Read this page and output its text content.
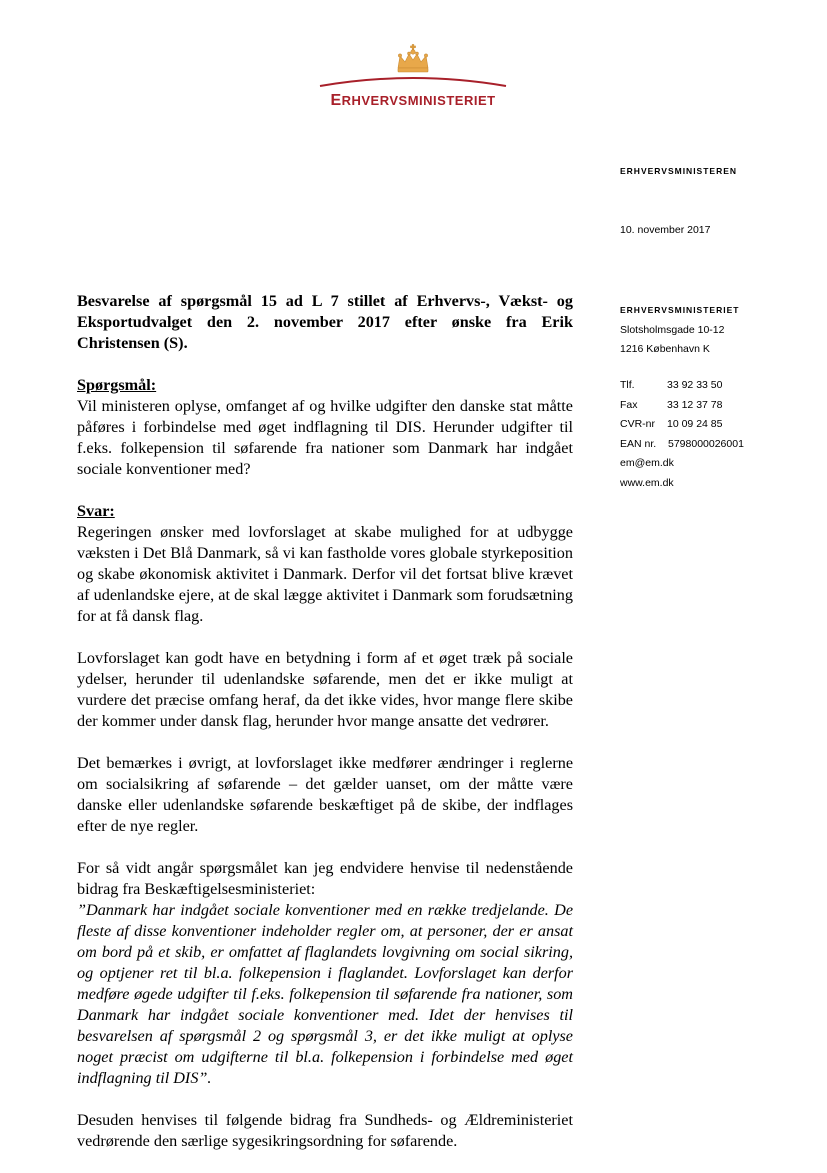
ERHVERVSMINISTERIET
ERHVERVSMINISTEREN
10. november 2017
ERHVERVSMINISTERIET
Slotsholmsgade 10-12
1216 København K
Tlf.	33 92 33 50
Fax	33 12 37 78
CVR-nr 10 09 24 85
EAN nr. 5798000026001
em@em.dk
www.em.dk

Besvarelse af spørgsmål 15 ad L 7 stillet af Erhvervs-, Vækst- og Eksportudvalget den 2. november 2017 efter ønske fra Erik Christensen (S).

Spørgsmål:

Vil ministeren oplyse, omfanget af og hvilke udgifter den danske stat måtte påføres i forbindelse med øget indflagning til DIS. Herunder udgifter til f.eks. folkepension til søfarende fra nationer som Danmark har indgået sociale konventioner med?

Svar:

Regeringen ønsker med lovforslaget at skabe mulighed for at udbygge væksten i Det Blå Danmark, så vi kan fastholde vores globale styrkeposition og skabe økonomisk aktivitet i Danmark. Derfor vil det fortsat blive krævet af udenlandske ejere, at de skal lægge aktivitet i Danmark som forudsætning for at få dansk flag.

Lovforslaget kan godt have en betydning i form af et øget træk på sociale ydelser, herunder til udenlandske søfarende, men det er ikke muligt at vurdere det præcise omfang heraf, da det ikke vides, hvor mange flere skibe der kommer under dansk flag, herunder hvor mange ansatte det vedrører.

Det bemærkes i øvrigt, at lovforslaget ikke medfører ændringer i reglerne om socialsikring af søfarende – det gælder uanset, om der måtte være danske eller udenlandske søfarende beskæftiget på de skibe, der indflages efter de nye regler.

For så vidt angår spørgsmålet kan jeg endvidere henvise til nedenstående bidrag fra Beskæftigelsesministeriet:

”Danmark har indgået sociale konventioner med en række tredjelande. De fleste af disse konventioner indeholder regler om, at personer, der er ansat om bord på et skib, er omfattet af flaglandets lovgivning om social sikring, og optjener ret til bl.a. folkepension i flaglandet. Lovforslaget kan derfor medføre øgede udgifter til f.eks. folkepension til søfarende fra nationer, som Danmark har indgået sociale konventioner med. Idet der henvises til besvarelsen af spørgsmål 2 og spørgsmål 3, er det ikke muligt at oplyse noget præcist om udgifterne til bl.a. folkepension i forbindelse med øget indflagning til DIS”.

Desuden henvises til følgende bidrag fra Sundheds- og Ældreministeriet vedrørende den særlige sygesikringsordning for søfarende.
